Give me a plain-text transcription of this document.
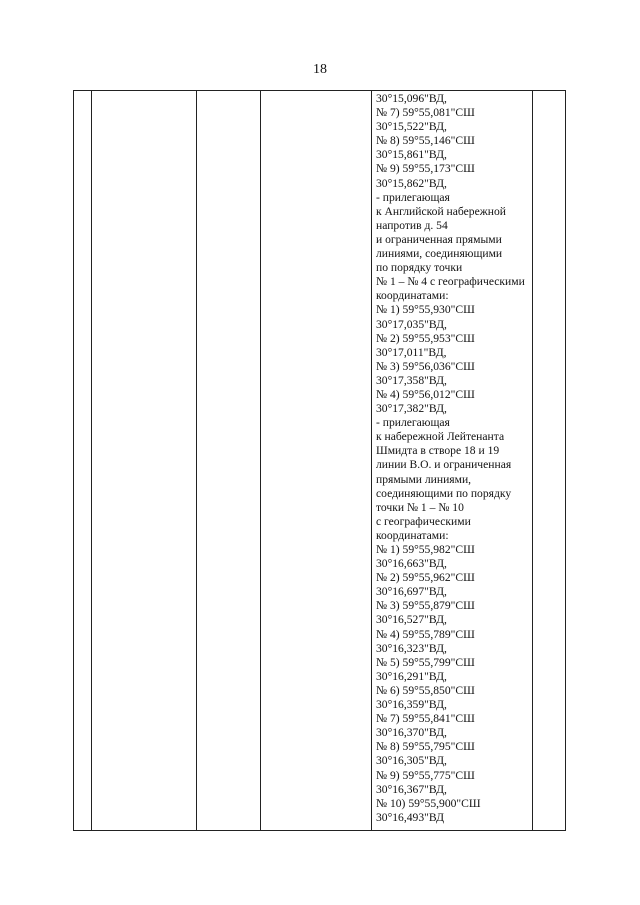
18
30°15,096"ВД,
№ 7) 59°55,081"СШ
30°15,522"ВД,
№ 8) 59°55,146"СШ
30°15,861"ВД,
№ 9) 59°55,173"СШ
30°15,862"ВД,
- прилегающая
к Английской набережной
напротив д. 54
и ограниченная прямыми
линиями, соединяющими
по порядку точки
№ 1 – № 4 с географическими
координатами:
№ 1) 59°55,930"СШ
30°17,035"ВД,
№ 2) 59°55,953"СШ
30°17,011"ВД,
№ 3) 59°56,036"СШ
30°17,358"ВД,
№ 4) 59°56,012"СШ
30°17,382"ВД,
- прилегающая
к набережной Лейтенанта
Шмидта в створе 18 и 19
линии В.О. и ограниченная
прямыми линиями,
соединяющими по порядку
точки № 1 – № 10
с географическими
координатами:
№ 1) 59°55,982"СШ
30°16,663"ВД,
№ 2) 59°55,962"СШ
30°16,697"ВД,
№ 3) 59°55,879"СШ
30°16,527"ВД,
№ 4) 59°55,789"СШ
30°16,323"ВД,
№ 5) 59°55,799"СШ
30°16,291"ВД,
№ 6) 59°55,850"СШ
30°16,359"ВД,
№ 7) 59°55,841"СШ
30°16,370"ВД,
№ 8) 59°55,795"СШ
30°16,305"ВД,
№ 9) 59°55,775"СШ
30°16,367"ВД,
№ 10) 59°55,900"СШ
30°16,493"ВД
